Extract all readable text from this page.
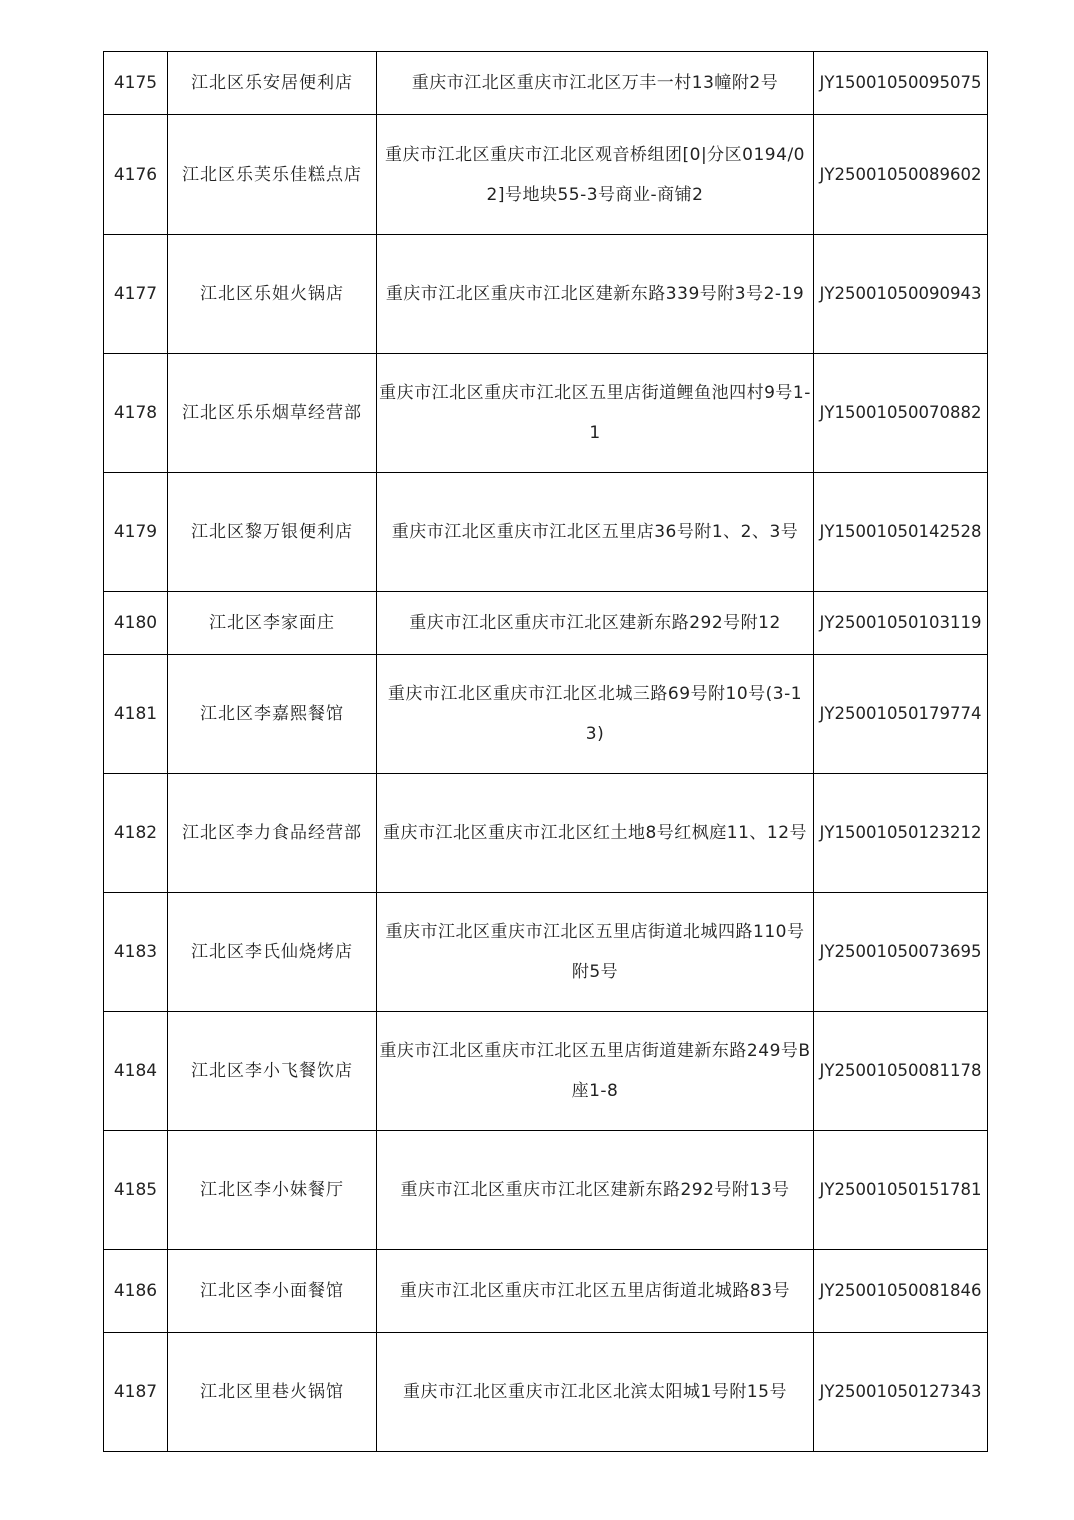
4175	江北区乐安居便利店	重庆市江北区重庆市江北区万丰一村13幢附2号	JY15001050095075
4176	江北区乐芙乐佳糕点店	重庆市江北区重庆市江北区观音桥组团[0|分区0194/02]号地块55-3号商业-商铺2	JY25001050089602
4177	江北区乐姐火锅店	重庆市江北区重庆市江北区建新东路339号附3号2-19	JY25001050090943
4178	江北区乐乐烟草经营部	重庆市江北区重庆市江北区五里店街道鲤鱼池四村9号1-1	JY15001050070882
4179	江北区黎万银便利店	重庆市江北区重庆市江北区五里店36号附1、2、3号	JY15001050142528
4180	江北区李家面庄	重庆市江北区重庆市江北区建新东路292号附12	JY25001050103119
4181	江北区李嘉熙餐馆	重庆市江北区重庆市江北区北城三路69号附10号(3-13)	JY25001050179774
4182	江北区李力食品经营部	重庆市江北区重庆市江北区红土地8号红枫庭11、12号	JY15001050123212
4183	江北区李氏仙烧烤店	重庆市江北区重庆市江北区五里店街道北城四路110号附5号	JY25001050073695
4184	江北区李小飞餐饮店	重庆市江北区重庆市江北区五里店街道建新东路249号B座1-8	JY25001050081178
4185	江北区李小妹餐厅	重庆市江北区重庆市江北区建新东路292号附13号	JY25001050151781
4186	江北区李小面餐馆	重庆市江北区重庆市江北区五里店街道北城路83号	JY25001050081846
4187	江北区里巷火锅馆	重庆市江北区重庆市江北区北滨太阳城1号附15号	JY25001050127343
